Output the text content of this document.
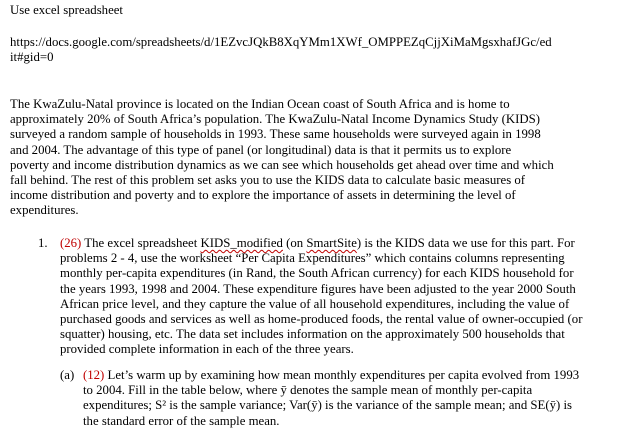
Use excel spreadsheet
https://docs.google.com/spreadsheets/d/1EZvcJQkB8XqYMm1XWf_OMPPEZqCjjXiMaMgsxhafJGc/ed
it#gid=0
The KwaZulu-Natal province is located on the Indian Ocean coast of South Africa and is home to
approximately 20% of South Africa’s population. The KwaZulu-Natal Income Dynamics Study (KIDS)
surveyed a random sample of households in 1993. These same households were surveyed again in 1998
and 2004. The advantage of this type of panel (or longitudinal) data is that it permits us to explore
poverty and income distribution dynamics as we can see which households get ahead over time and which
fall behind. The rest of this problem set asks you to use the KIDS data to calculate basic measures of
income distribution and poverty and to explore the importance of assets in determining the level of
expenditures.
1. (26) The excel spreadsheet KIDS_modified (on SmartSite) is the KIDS data we use for this part. For
problems 2 - 4, use the worksheet “Per Capita Expenditures” which contains columns representing
monthly per-capita expenditures (in Rand, the South African currency) for each KIDS household for
the years 1993, 1998 and 2004. These expenditure figures have been adjusted to the year 2000 South
African price level, and they capture the value of all household expenditures, including the value of
purchased goods and services as well as home-produced foods, the rental value of owner-occupied (or
squatter) housing, etc. The data set includes information on the approximately 500 households that
provided complete information in each of the three years.
(a) (12) Let’s warm up by examining how mean monthly expenditures per capita evolved from 1993
to 2004. Fill in the table below, where ȳ denotes the sample mean of monthly per-capita
expenditures; S² is the sample variance; Var(ȳ) is the variance of the sample mean; and SE(ȳ) is
the standard error of the sample mean.
